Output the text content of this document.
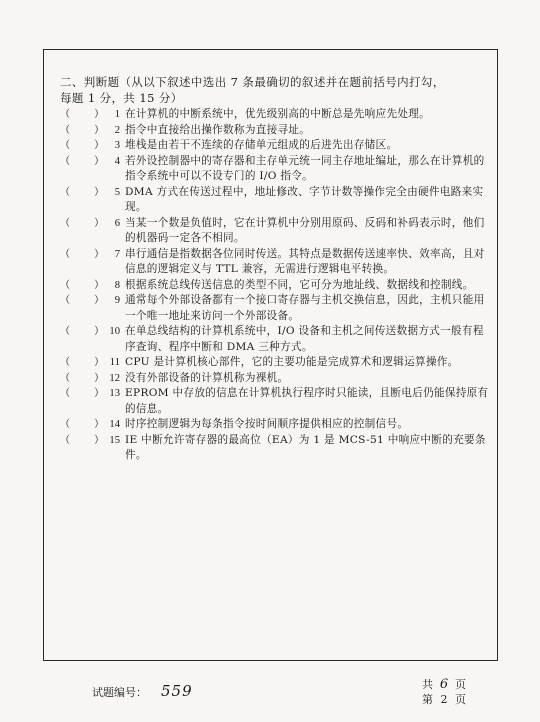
二、判断题（从以下叙述中选出 7 条最确切的叙述并在题前括号内打勾，
每题 1 分，共 15 分）
（    ）	1 在计算机的中断系统中，优先级别高的中断总是先响应先处理。
（    ）	2 指令中直接给出操作数称为直接寻址。
（    ）	3 堆栈是由若干不连续的存储单元组成的后进先出存储区。
（    ）	4 若外设控制器中的寄存器和主存单元统一同主存地址编址，那么在计算机的指令系统中可以不设专门的 I/O 指令。
（    ）	5 DMA 方式在传送过程中，地址修改、字节计数等操作完全由硬件电路来实现。
（    ）	6 当某一个数是负值时，它在计算机中分别用原码、反码和补码表示时，他们的机器码一定各不相同。
（    ）	7 串行通信是指数据各位同时传送。其特点是数据传送速率快、效率高，且对信息的逻辑定义与 TTL 兼容，无需进行逻辑电平转换。
（    ）	8 根据系统总线传送信息的类型不同，它可分为地址线、数据线和控制线。
（    ）	9 通常每个外部设备都有一个接口寄存器与主机交换信息，因此，主机只能用一个唯一地址来访问一个外部设备。
（    ） 10 在单总线结构的计算机系统中，I/O 设备和主机之间传送数据方式一般有程序查询、程序中断和 DMA 三种方式。
（    ） 11 CPU 是计算机核心部件，它的主要功能是完成算术和逻辑运算操作。
（    ） 12 没有外部设备的计算机称为裸机。
（    ） 13 EPROM 中存放的信息在计算机执行程序时只能读，且断电后仍能保持原有的信息。
（    ） 14 时序控制逻辑为每条指令按时间顺序提供相应的控制信号。
（    ） 15 IE 中断允许寄存器的最高位（EA）为 1 是 MCS-51 中响应中断的充要条件。
试题编号： 559	共 6 页
第 2 页
